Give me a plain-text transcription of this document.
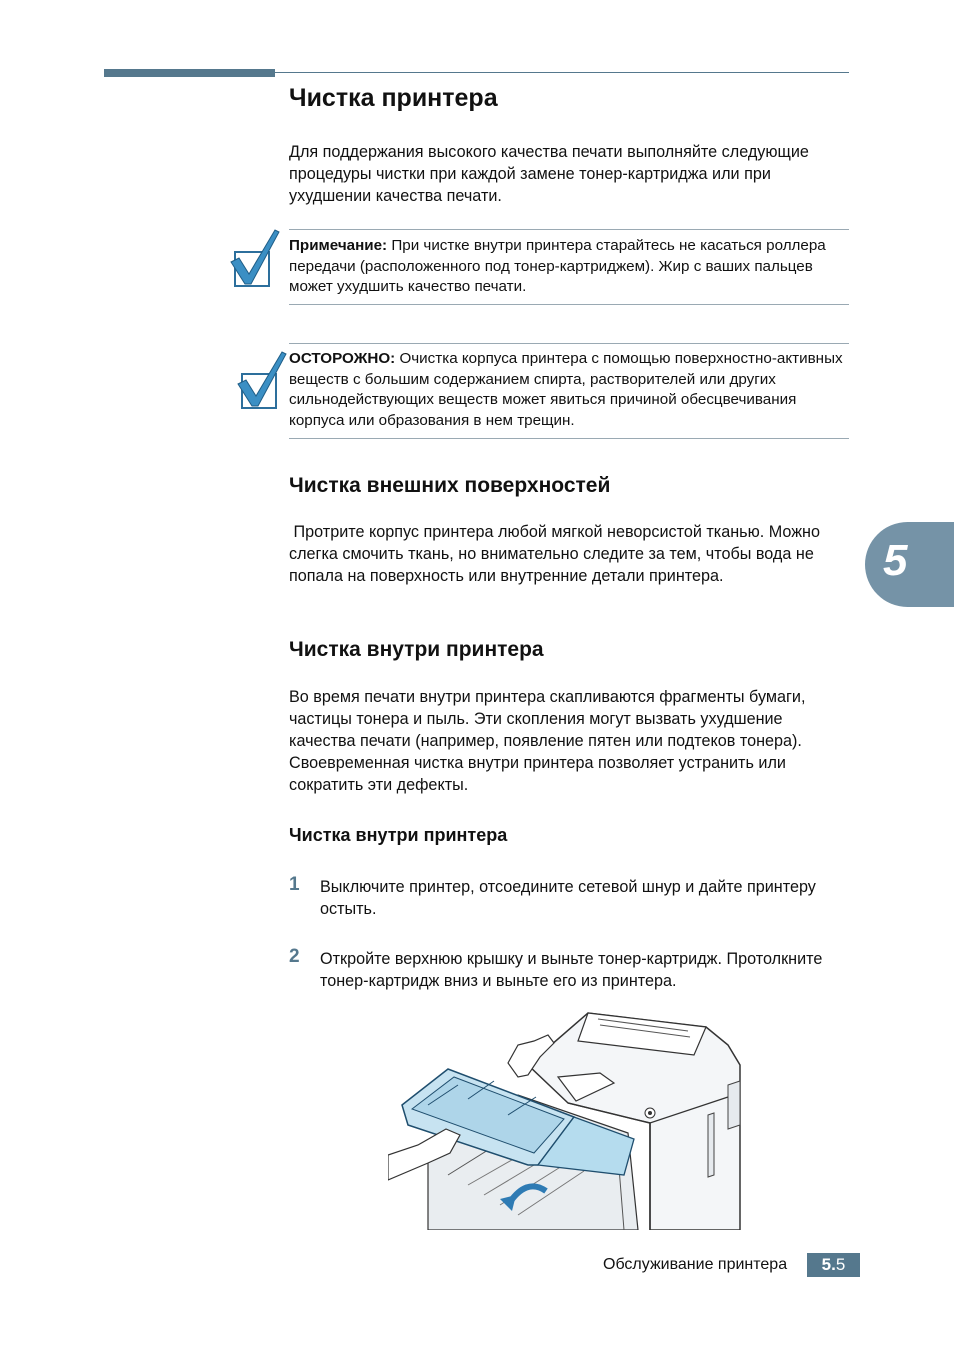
Чистка принтера

Для поддержания высокого качества печати выполняйте следующие процедуры чистки при каждой замене тонер-картриджа или при ухудшении качества печати.

Примечание: При чистке внутри принтера старайтесь не касаться роллера передачи (расположенного под тонер-картриджем). Жир с ваших пальцев может ухудшить качество печати.

ОСТОРОЖНО: Очистка корпуса принтера с помощью поверхностно-активных веществ с большим содержанием спирта, растворителей или других сильнодействующих веществ может явиться причиной обесцвечивания корпуса или образования в нем трещин.

Чистка внешних поверхностей

Протрите корпус принтера любой мягкой неворсистой тканью. Можно слегка смочить ткань, но внимательно следите за тем, чтобы вода не попала на поверхность или внутренние детали принтера.

Чистка внутри принтера

Во время печати внутри принтера скапливаются фрагменты бумаги, частицы тонера и пыль. Эти скопления могут вызвать ухудшение качества печати (например, появление пятен или подтеков тонера). Своевременная чистка внутри принтера позволяет устранить или сократить эти дефекты.

Чистка внутри принтера
1 Выключите принтер, отсоедините сетевой шнур и дайте принтеру остыть.

2 Откройте верхнюю крышку и выньте тонер-картридж. Протолкните тонер-картридж вниз и выньте его из принтера.

5
Обслуживание принтера	5.5
